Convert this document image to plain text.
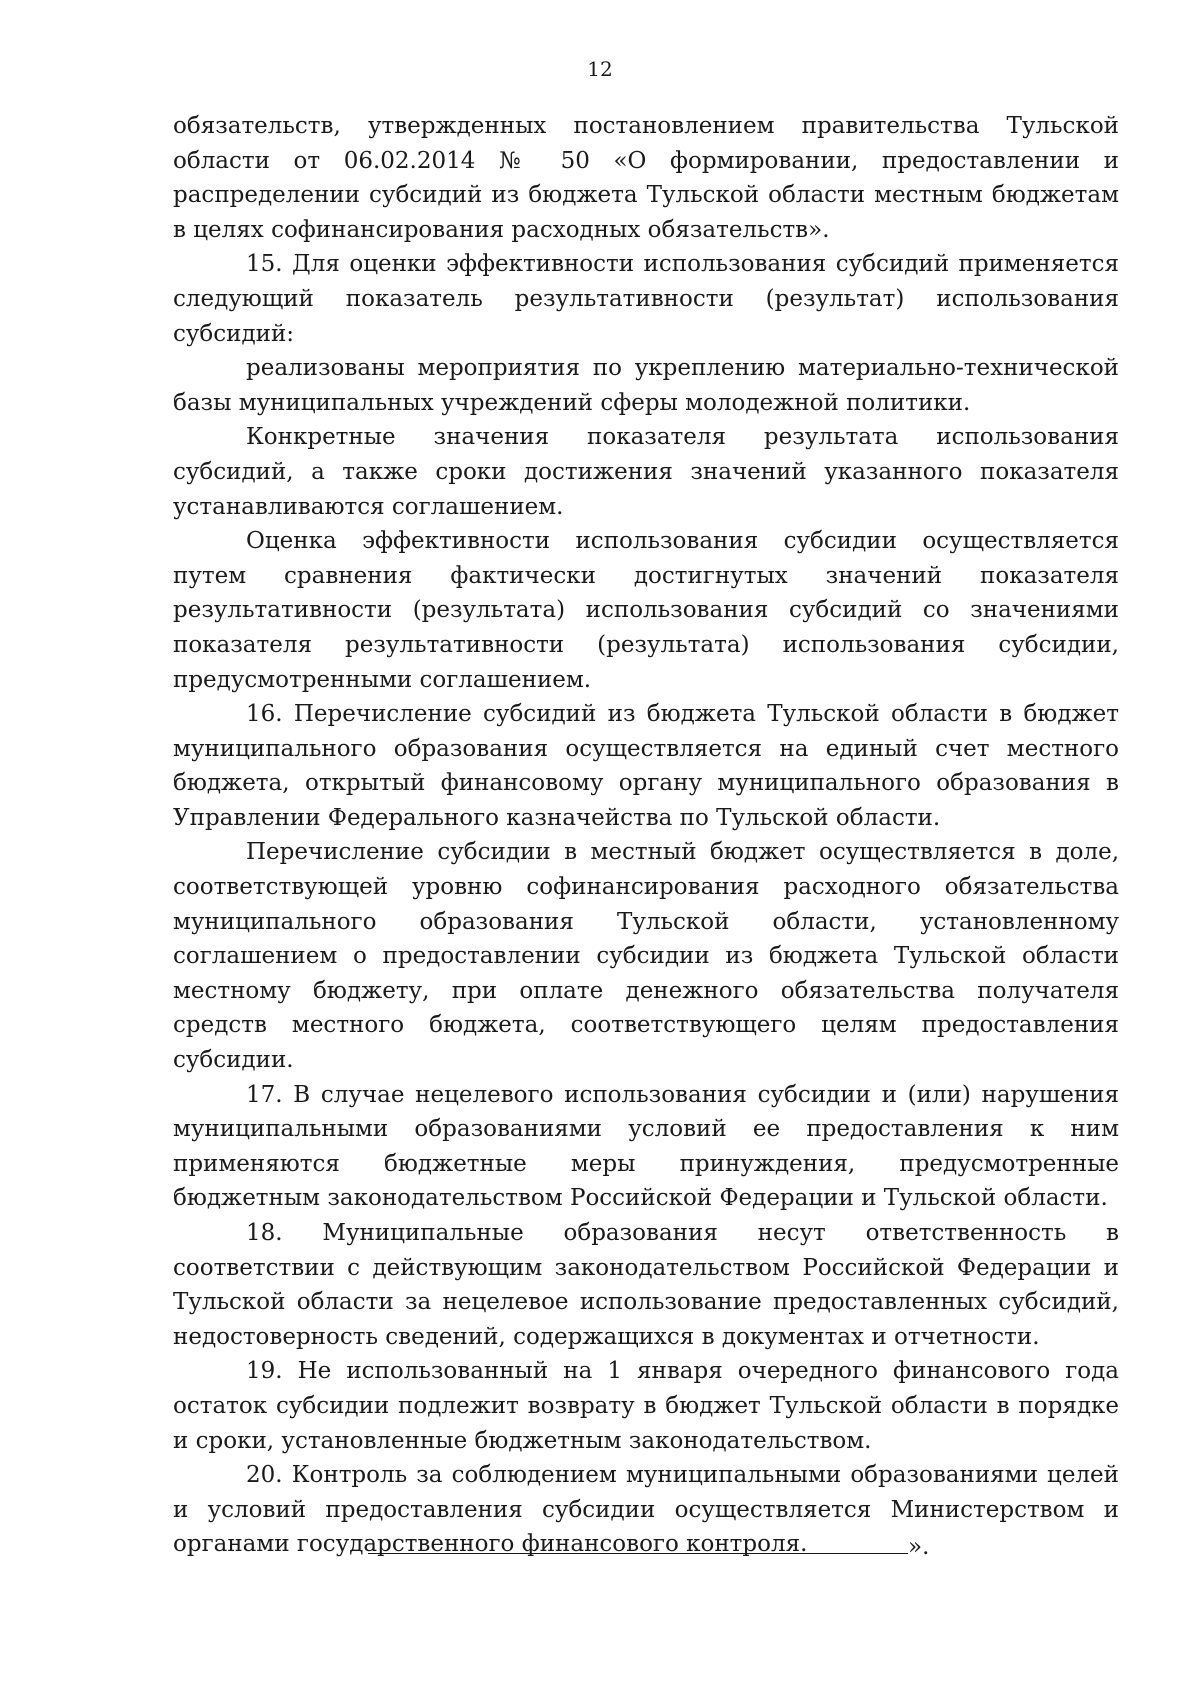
12

обязательств, утвержденных постановлением правительства Тульской области от 06.02.2014 № 50 «О формировании, предоставлении и распределении субсидий из бюджета Тульской области местным бюджетам в целях софинансирования расходных обязательств».

15. Для оценки эффективности использования субсидий применяется следующий показатель результативности (результат) использования субсидий:

реализованы мероприятия по укреплению материально-технической базы муниципальных учреждений сферы молодежной политики.

Конкретные значения показателя результата использования субсидий, а также сроки достижения значений указанного показателя устанавливаются соглашением.

Оценка эффективности использования субсидии осуществляется путем сравнения фактически достигнутых значений показателя результативности (результата) использования субсидий со значениями показателя результативности (результата) использования субсидии, предусмотренными соглашением.

16. Перечисление субсидий из бюджета Тульской области в бюджет муниципального образования осуществляется на единый счет местного бюджета, открытый финансовому органу муниципального образования в Управлении Федерального казначейства по Тульской области.

Перечисление субсидии в местный бюджет осуществляется в доле, соответствующей уровню софинансирования расходного обязательства муниципального образования Тульской области, установленному соглашением о предоставлении субсидии из бюджета Тульской области местному бюджету, при оплате денежного обязательства получателя средств местного бюджета, соответствующего целям предоставления субсидии.

17. В случае нецелевого использования субсидии и (или) нарушения муниципальными образованиями условий ее предоставления к ним применяются бюджетные меры принуждения, предусмотренные бюджетным законодательством Российской Федерации и Тульской области.

18. Муниципальные образования несут ответственность в соответствии с действующим законодательством Российской Федерации и Тульской области за нецелевое использование предоставленных субсидий, недостоверность сведений, содержащихся в документах и отчетности.

19. Не использованный на 1 января очередного финансового года остаток субсидии подлежит возврату в бюджет Тульской области в порядке и сроки, установленные бюджетным законодательством.

20. Контроль за соблюдением муниципальными образованиями целей и условий предоставления субсидии осуществляется Министерством и органами государственного финансового контроля.	».
